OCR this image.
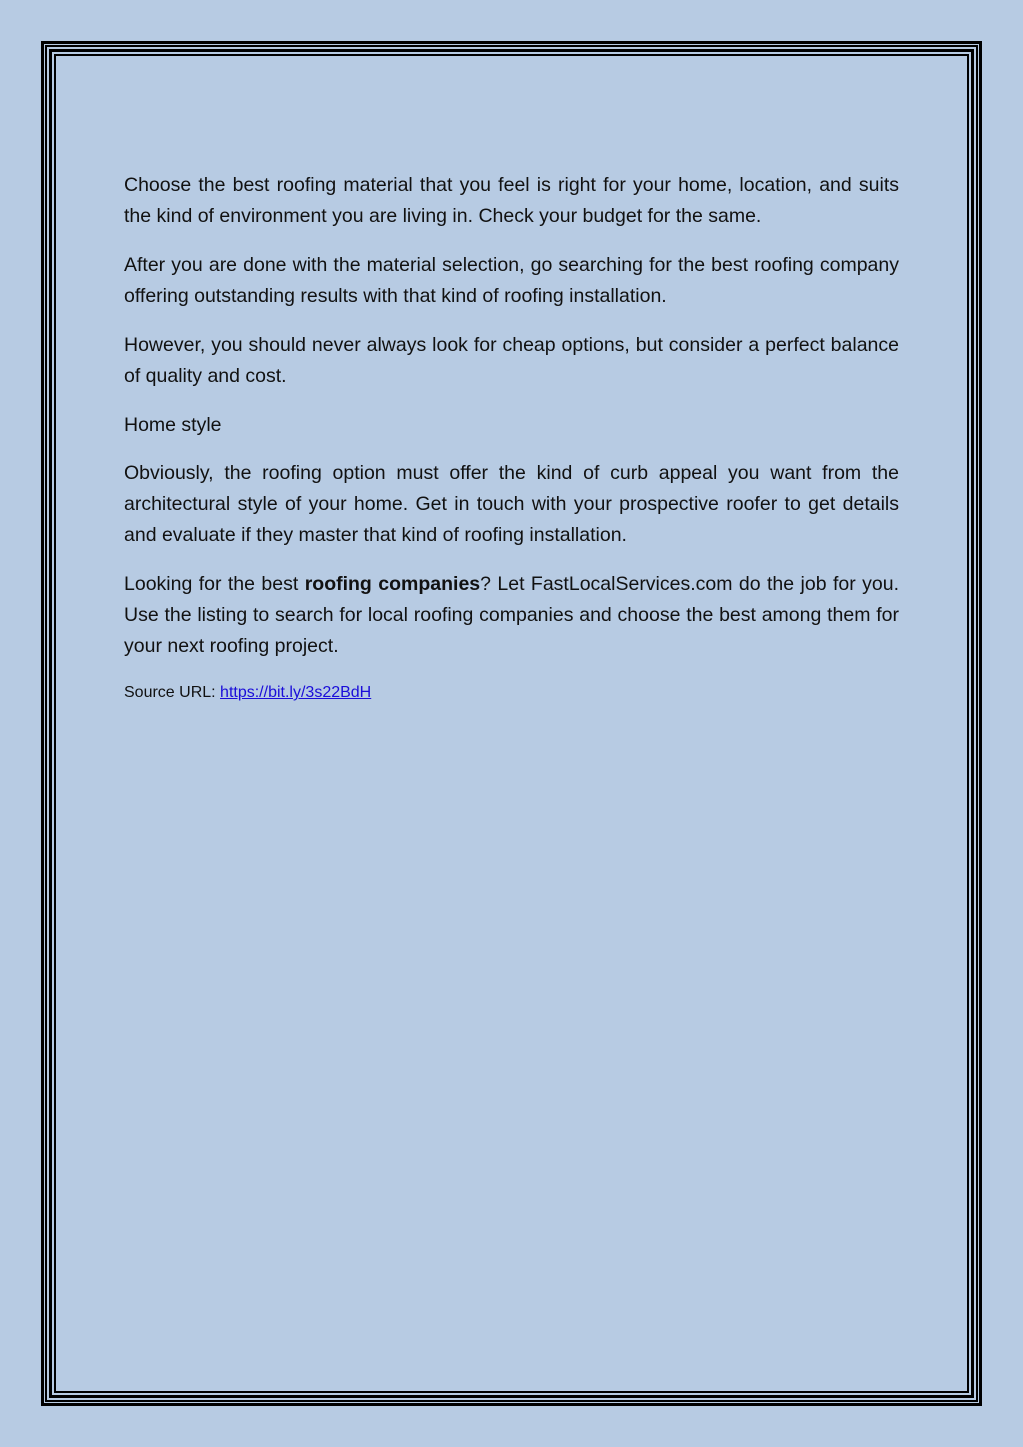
Choose the best roofing material that you feel is right for your home, location, and suits the kind of environment you are living in. Check your budget for the same.

After you are done with the material selection, go searching for the best roofing company offering outstanding results with that kind of roofing installation.

However, you should never always look for cheap options, but consider a perfect balance of quality and cost.

Home style

Obviously, the roofing option must offer the kind of curb appeal you want from the architectural style of your home. Get in touch with your prospective roofer to get details and evaluate if they master that kind of roofing installation.

Looking for the best roofing companies? Let FastLocalServices.com do the job for you. Use the listing to search for local roofing companies and choose the best among them for your next roofing project.

Source URL: https://bit.ly/3s22BdH
